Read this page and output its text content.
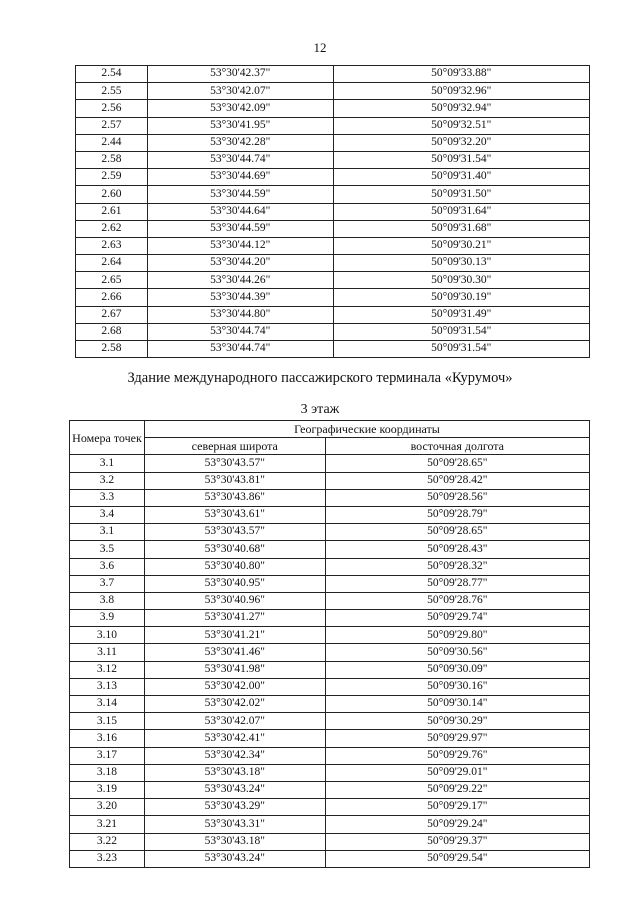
12
2.54	53°30'42.37"	50°09'33.88"
2.55	53°30'42.07"	50°09'32.96"
2.56	53°30'42.09"	50°09'32.94"
2.57	53°30'41.95"	50°09'32.51"
2.44	53°30'42.28"	50°09'32.20"
2.58	53°30'44.74"	50°09'31.54"
2.59	53°30'44.69"	50°09'31.40"
2.60	53°30'44.59"	50°09'31.50"
2.61	53°30'44.64"	50°09'31.64"
2.62	53°30'44.59"	50°09'31.68"
2.63	53°30'44.12"	50°09'30.21"
2.64	53°30'44.20"	50°09'30.13"
2.65	53°30'44.26"	50°09'30.30"
2.66	53°30'44.39"	50°09'30.19"
2.67	53°30'44.80"	50°09'31.49"
2.68	53°30'44.74"	50°09'31.54"
2.58	53°30'44.74"	50°09'31.54"
Здание международного пассажирского терминала «Курумоч»
3 этаж
Номера точек	Географические координаты	
	северная широта	восточная долгота
3.1	53°30'43.57"	50°09'28.65"
3.2	53°30'43.81"	50°09'28.42"
3.3	53°30'43.86"	50°09'28.56"
3.4	53°30'43.61"	50°09'28.79"
3.1	53°30'43.57"	50°09'28.65"
3.5	53°30'40.68"	50°09'28.43"
3.6	53°30'40.80"	50°09'28.32"
3.7	53°30'40.95"	50°09'28.77"
3.8	53°30'40.96"	50°09'28.76"
3.9	53°30'41.27"	50°09'29.74"
3.10	53°30'41.21"	50°09'29.80"
3.11	53°30'41.46"	50°09'30.56"
3.12	53°30'41.98"	50°09'30.09"
3.13	53°30'42.00"	50°09'30.16"
3.14	53°30'42.02"	50°09'30.14"
3.15	53°30'42.07"	50°09'30.29"
3.16	53°30'42.41"	50°09'29.97"
3.17	53°30'42.34"	50°09'29.76"
3.18	53°30'43.18"	50°09'29.01"
3.19	53°30'43.24"	50°09'29.22"
3.20	53°30'43.29"	50°09'29.17"
3.21	53°30'43.31"	50°09'29.24"
3.22	53°30'43.18"	50°09'29.37"
3.23	53°30'43.24"	50°09'29.54"
